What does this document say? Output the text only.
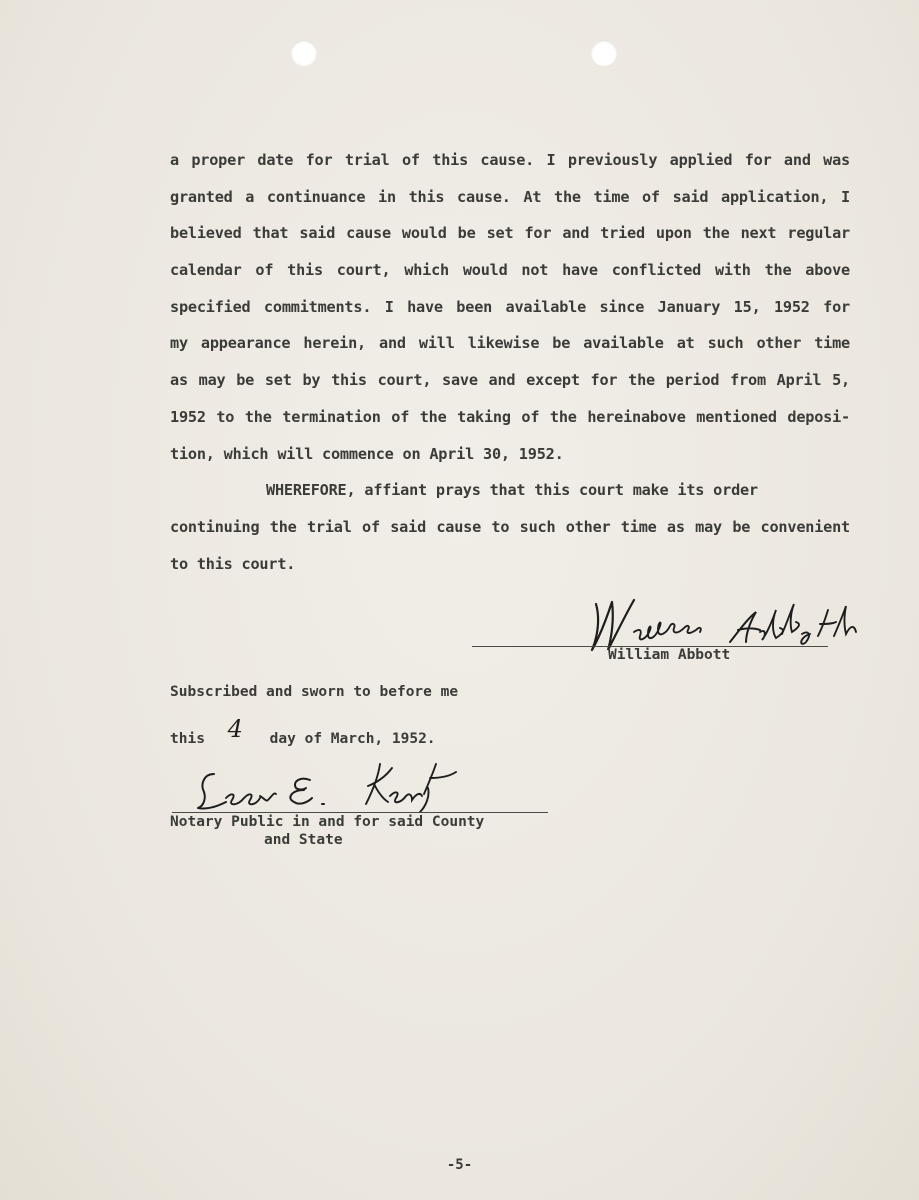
a proper date for trial of this cause. I previously applied for and was
granted a continuance in this cause. At the time of said application, I
believed that said cause would be set for and tried upon the next regular
calendar of this court, which would not have conflicted with the above
specified commitments. I have been available since January 15, 1952 for
my appearance herein, and will likewise be available at such other time
as may be set by this court, save and except for the period from April 5,
1952 to the termination of the taking of the hereinabove mentioned deposi-
tion, which will commence on April 30, 1952.
WHEREFORE, affiant prays that this court make its order
continuing the trial of said cause to such other time as may be convenient
to this court.
William Abbott
Subscribed and sworn to before me
this 4 day of March, 1952.
Notary Public in and for said County
and State
-5-
